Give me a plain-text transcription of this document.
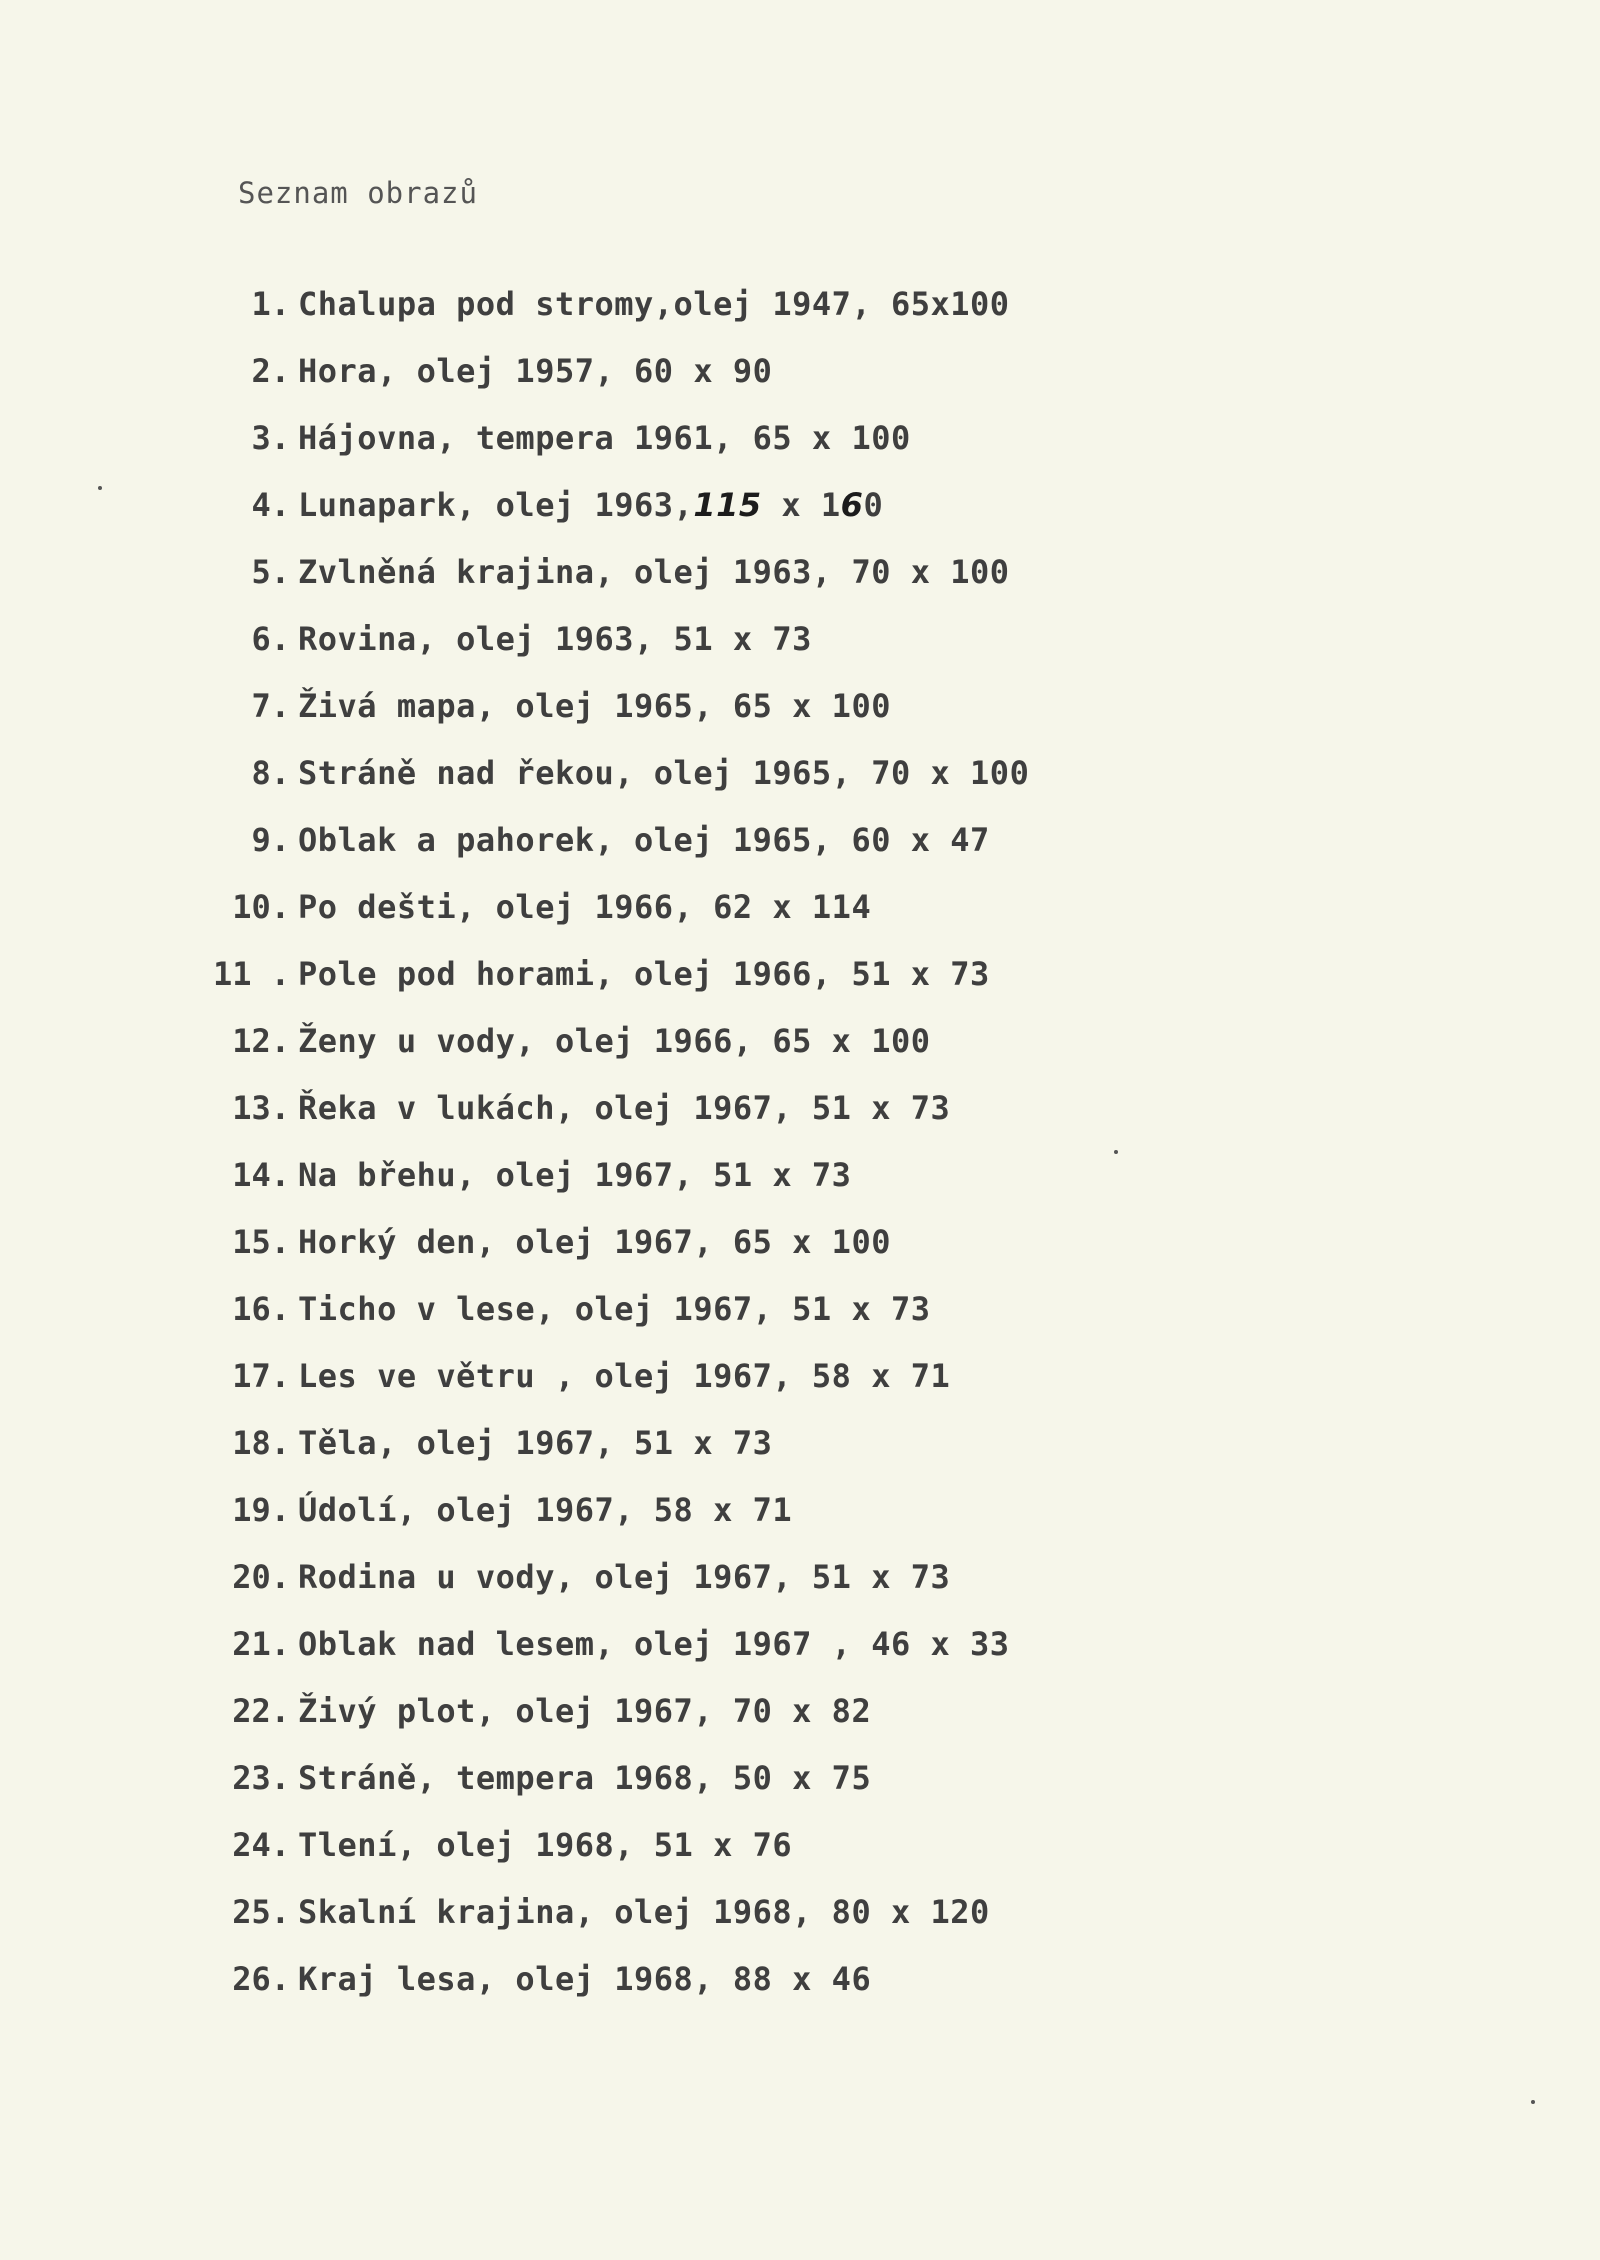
Seznam obrazů
1. Chalupa pod stromy,olej 1947, 65x100
2. Hora, olej 1957, 60 x 90
3. Hájovna, tempera 1961, 65 x 100
4. Lunapark, olej 1963,115 x 160
5. Zvlněná krajina, olej 1963, 70 x 100
6. Rovina, olej 1963, 51 x 73
7. Živá mapa, olej 1965, 65 x 100
8. Stráně nad řekou, olej 1965, 70 x 100
9. Oblak a pahorek, olej 1965, 60 x 47
10. Po dešti, olej 1966, 62 x 114
11 . Pole pod horami, olej 1966, 51 x 73
12. Ženy u vody, olej 1966, 65 x 100
13. Řeka v lukách, olej 1967, 51 x 73
14. Na břehu, olej 1967, 51 x 73
15. Horký den, olej 1967, 65 x 100
16. Ticho v lese, olej 1967, 51 x 73
17. Les ve větru , olej 1967, 58 x 71
18. Těla, olej 1967, 51 x 73
19. Údolí, olej 1967, 58 x 71
20. Rodina u vody, olej 1967, 51 x 73
21. Oblak nad lesem, olej 1967 , 46 x 33
22. Živý plot, olej 1967, 70 x 82
23. Stráně, tempera 1968, 50 x 75
24. Tlení, olej 1968, 51 x 76
25. Skalní krajina, olej 1968, 80 x 120
26. Kraj lesa, olej 1968, 88 x 46
